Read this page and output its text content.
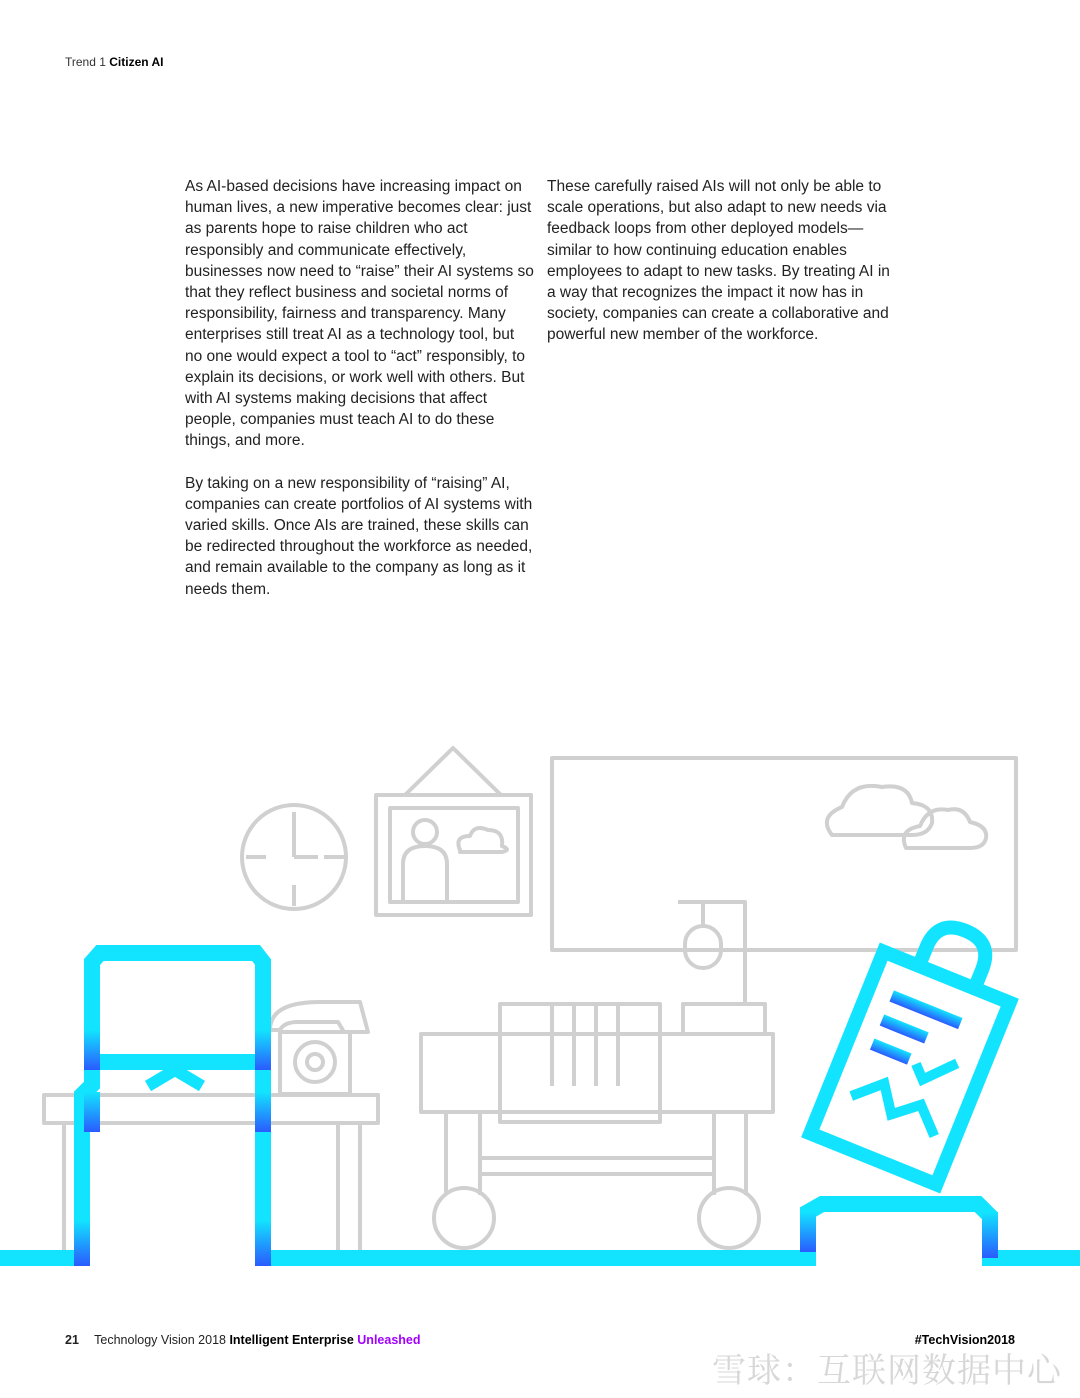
Trend 1 Citizen AI

As AI-based decisions have increasing impact on human lives, a new imperative becomes clear: just as parents hope to raise children who act responsibly and communicate effectively, businesses now need to “raise” their AI systems so that they reflect business and societal norms of responsibility, fairness and transparency. Many enterprises still treat AI as a technology tool, but no one would expect a tool to “act” responsibly, to explain its decisions, or work well with others. But with AI systems making decisions that affect people, companies must teach AI to do these things, and more.

By taking on a new responsibility of “raising” AI, companies can create portfolios of AI systems with varied skills. Once AIs are trained, these skills can be redirected throughout the workforce as needed, and remain available to the company as long as it needs them.

These carefully raised AIs will not only be able to scale operations, but also adapt to new needs via feedback loops from other deployed models—similar to how continuing education enables employees to adapt to new tasks. By treating AI in a way that recognizes the impact it now has in society, companies can create a collaborative and powerful new member of the workforce.

21 Technology Vision 2018 Intelligent Enterprise Unleashed	#TechVision2018
雪球：互联网数据中心
